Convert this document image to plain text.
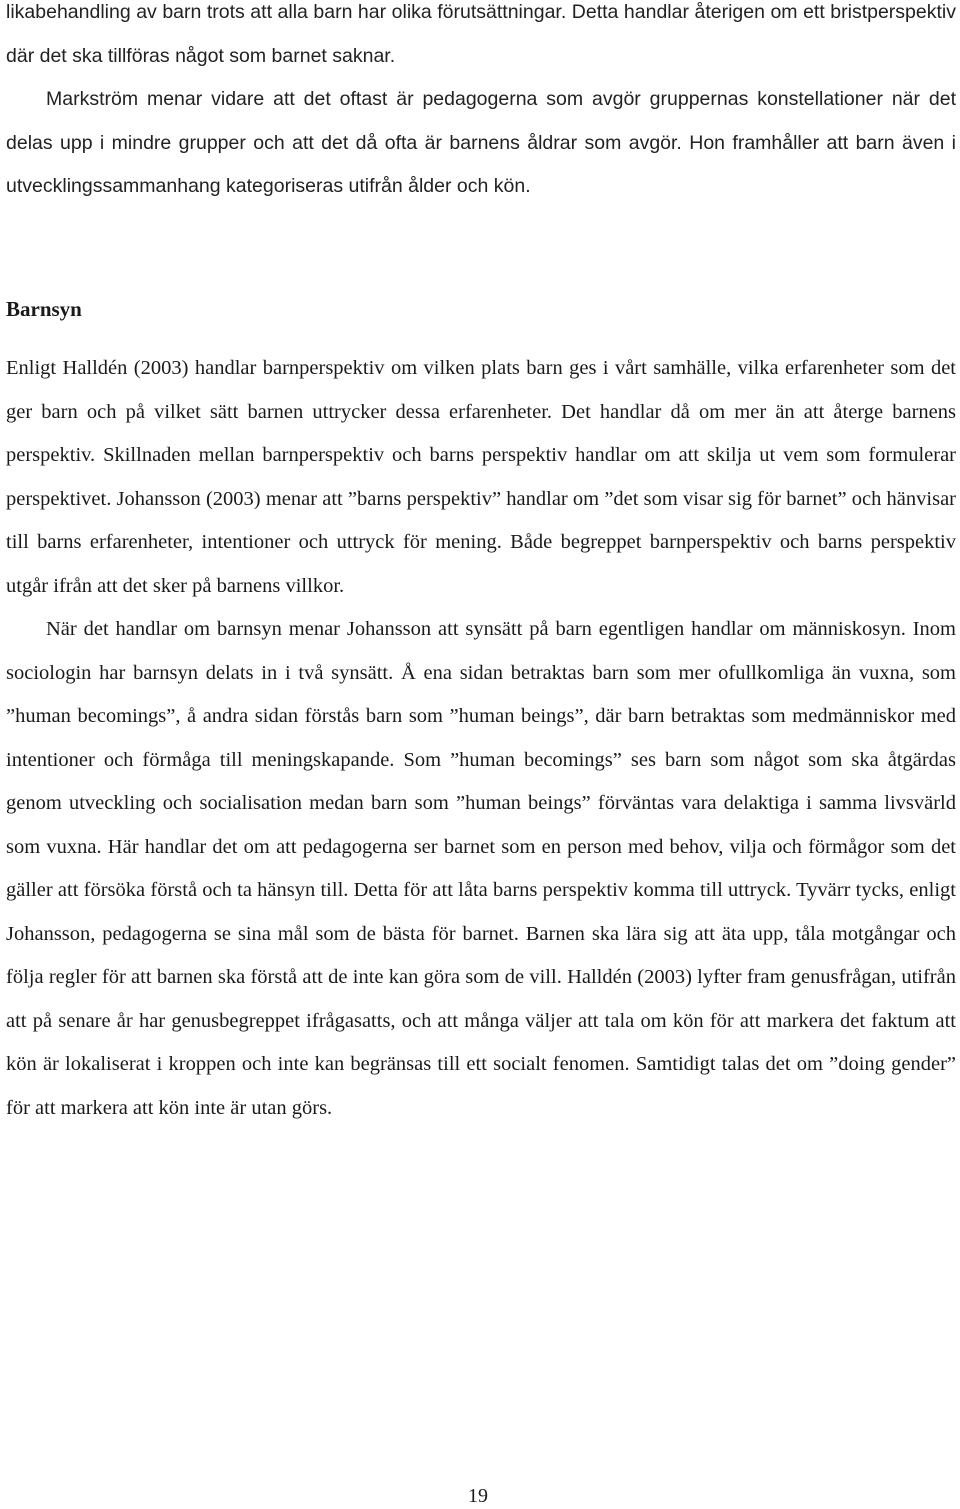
likabehandling av barn trots att alla barn har olika förutsättningar. Detta handlar återigen om ett bristperspektiv där det ska tillföras något som barnet saknar.

Markström menar vidare att det oftast är pedagogerna som avgör gruppernas konstellationer när det delas upp i mindre grupper och att det då ofta är barnens åldrar som avgör. Hon framhåller att barn även i utvecklingssammanhang kategoriseras utifrån ålder och kön.

Barnsyn

Enligt Halldén (2003) handlar barnperspektiv om vilken plats barn ges i vårt samhälle, vilka erfarenheter som det ger barn och på vilket sätt barnen uttrycker dessa erfarenheter. Det handlar då om mer än att återge barnens perspektiv. Skillnaden mellan barnperspektiv och barns perspektiv handlar om att skilja ut vem som formulerar perspektivet. Johansson (2003) menar att ”barns perspektiv” handlar om ”det som visar sig för barnet” och hänvisar till barns erfarenheter, intentioner och uttryck för mening. Både begreppet barnperspektiv och barns perspektiv utgår ifrån att det sker på barnens villkor.

När det handlar om barnsyn menar Johansson att synsätt på barn egentligen handlar om människosyn. Inom sociologin har barnsyn delats in i två synsätt. Å ena sidan betraktas barn som mer ofullkomliga än vuxna, som ”human becomings”, å andra sidan förstås barn som ”human beings”, där barn betraktas som medmänniskor med intentioner och förmåga till meningskapande. Som ”human becomings” ses barn som något som ska åtgärdas genom utveckling och socialisation medan barn som ”human beings” förväntas vara delaktiga i samma livsvärld som vuxna. Här handlar det om att pedagogerna ser barnet som en person med behov, vilja och förmågor som det gäller att försöka förstå och ta hänsyn till. Detta för att låta barns perspektiv komma till uttryck. Tyvärr tycks, enligt Johansson, pedagogerna se sina mål som de bästa för barnet. Barnen ska lära sig att äta upp, tåla motgångar och följa regler för att barnen ska förstå att de inte kan göra som de vill. Halldén (2003) lyfter fram genusfrågan, utifrån att på senare år har genusbegreppet ifrågasatts, och att många väljer att tala om kön för att markera det faktum att kön är lokaliserat i kroppen och inte kan begränsas till ett socialt fenomen. Samtidigt talas det om ”doing gender” för att markera att kön inte är utan görs.

19
